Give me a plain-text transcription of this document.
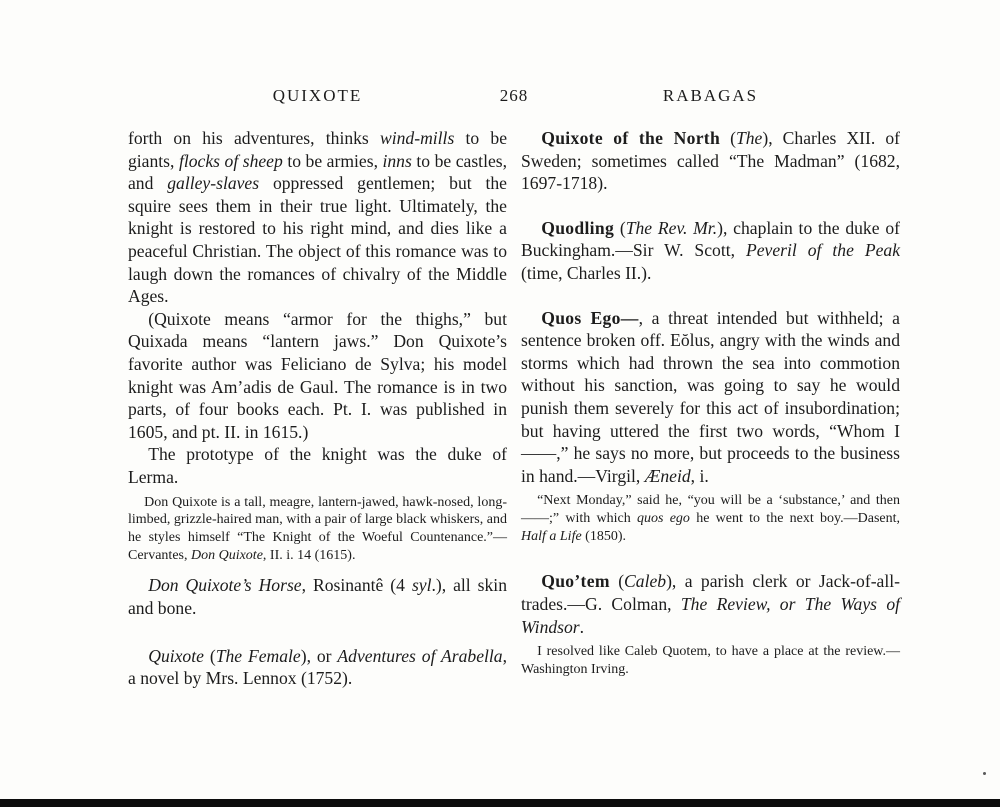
QUIXOTE	268	RABAGAS

forth on his adventures, thinks wind-mills to be giants, flocks of sheep to be armies, inns to be castles, and galley-slaves oppressed gentlemen; but the squire sees them in their true light. Ultimately, the knight is restored to his right mind, and dies like a peaceful Christian. The object of this romance was to laugh down the romances of chivalry of the Middle Ages.

(Quixote means “armor for the thighs,” but Quixada means “lantern jaws.” Don Quixote’s favorite author was Feliciano de Sylva; his model knight was Am’adis de Gaul. The romance is in two parts, of four books each. Pt. I. was published in 1605, and pt. II. in 1615.)

The prototype of the knight was the duke of Lerma.

Don Quixote is a tall, meagre, lantern-jawed, hawk-nosed, long-limbed, grizzle-haired man, with a pair of large black whiskers, and he styles himself “The Knight of the Woeful Countenance.”—Cervantes, Don Quixote, II. i. 14 (1615).

Don Quixote’s Horse, Rosinantê (4 syl.), all skin and bone.

Quixote (The Female), or Adventures of Arabella, a novel by Mrs. Lennox (1752).

Quixote of the North (The), Charles XII. of Sweden; sometimes called “The Madman” (1682, 1697-1718).

Quodling (The Rev. Mr.), chaplain to the duke of Buckingham.—Sir W. Scott, Peveril of the Peak (time, Charles II.).

Quos Ego—, a threat intended but withheld; a sentence broken off. Eŏlus, angry with the winds and storms which had thrown the sea into commotion without his sanction, was going to say he would punish them severely for this act of insubordination; but having uttered the first two words, “Whom I——,” he says no more, but proceeds to the business in hand.—Virgil, Æneid, i.

“Next Monday,” said he, “you will be a ‘substance,’ and then——;” with which quos ego he went to the next boy.—Dasent, Half a Life (1850).

Quo’tem (Caleb), a parish clerk or Jack-of-all-trades.—G. Colman, The Review, or The Ways of Windsor.

I resolved like Caleb Quotem, to have a place at the review.—Washington Irving.
